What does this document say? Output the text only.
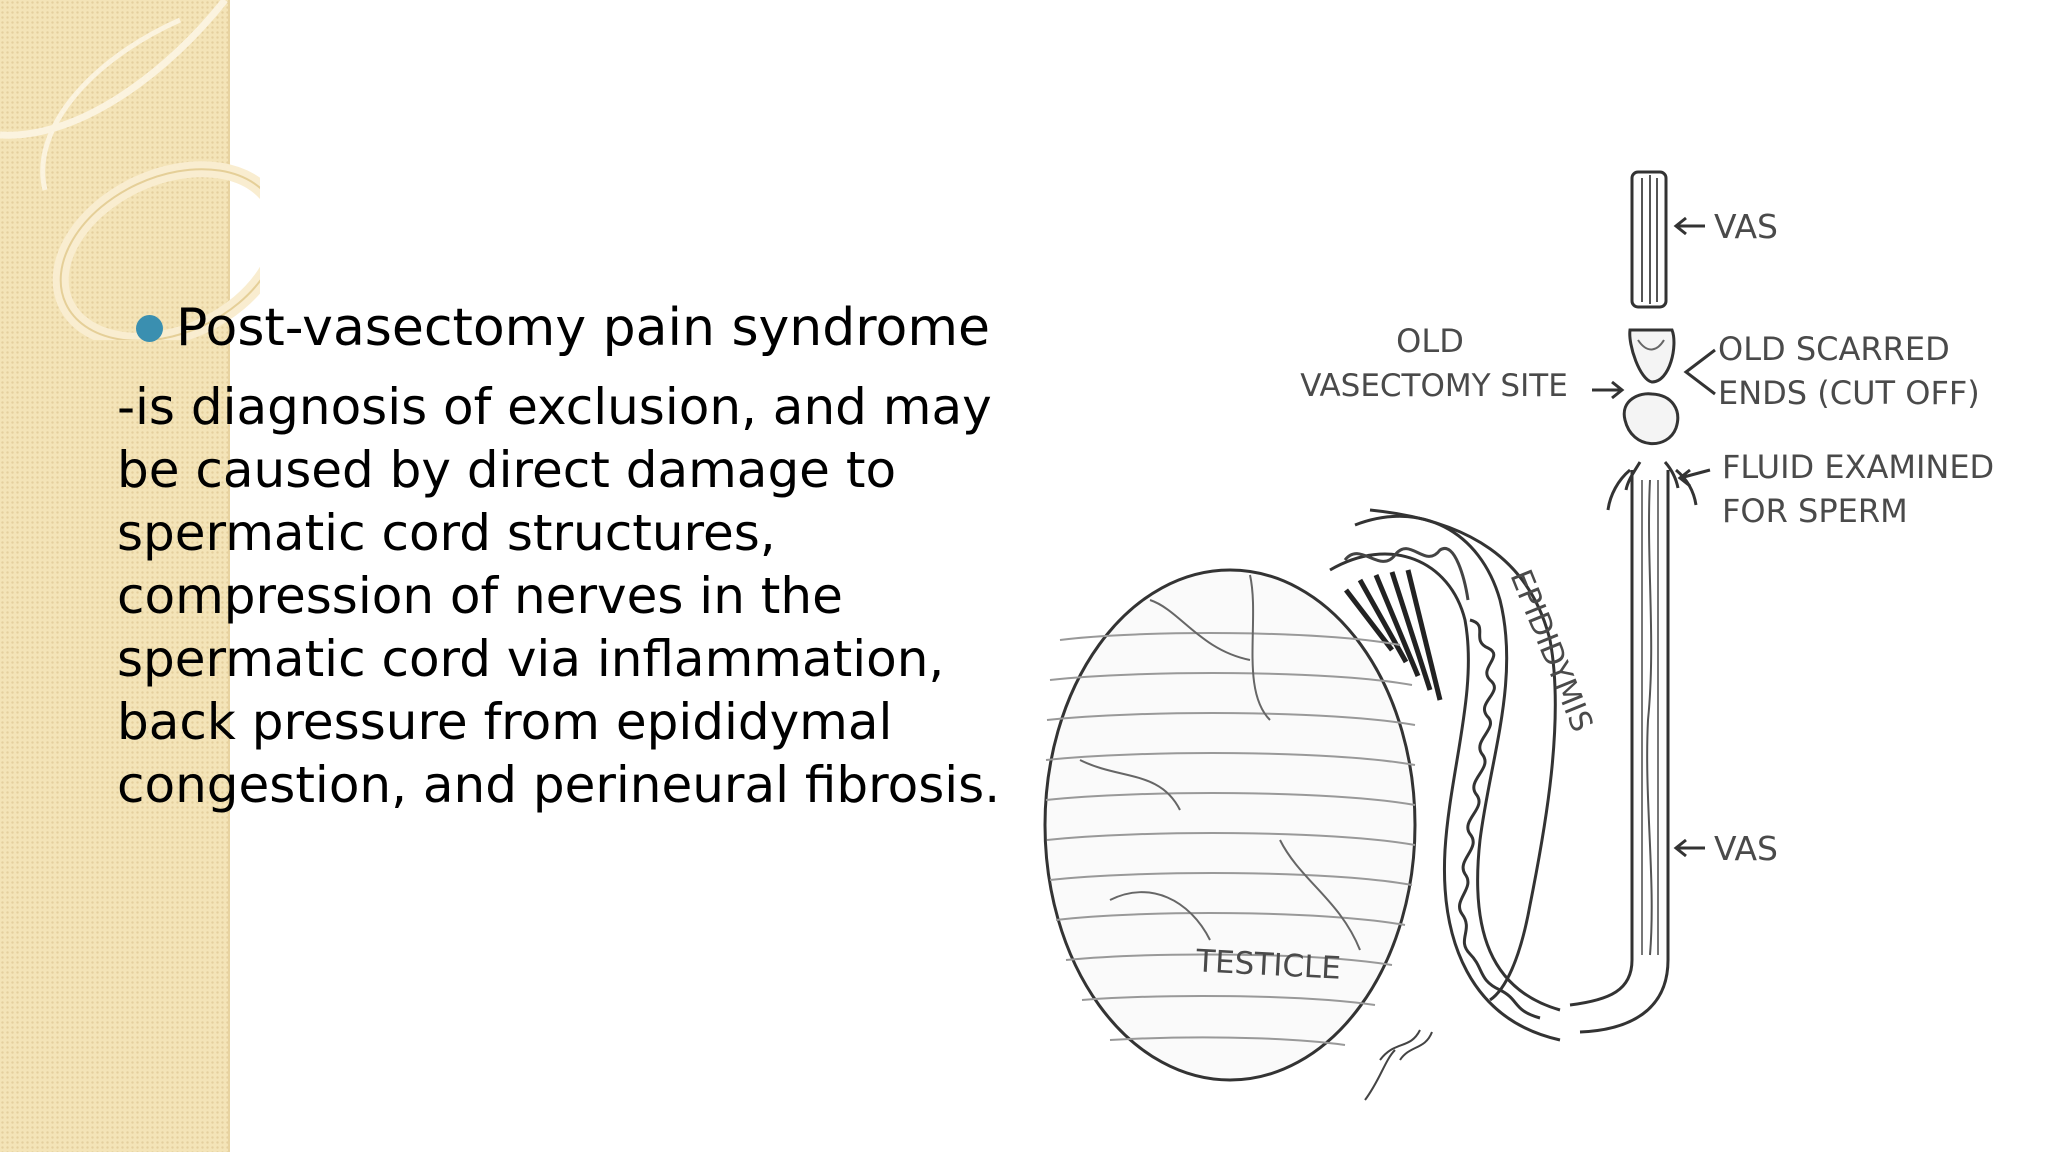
Post-vasectomy pain syndrome
-is diagnosis of exclusion, and may
be caused by direct damage to
spermatic cord structures,
compression of nerves in the
spermatic cord via inflammation,
back pressure from epididymal
congestion, and perineural fibrosis.
VAS
OLD
VASECTOMY SITE
OLD SCARRED
ENDS (CUT OFF)
FLUID EXAMINED
FOR SPERM
EPIDIDYMIS
VAS
TESTICLE
